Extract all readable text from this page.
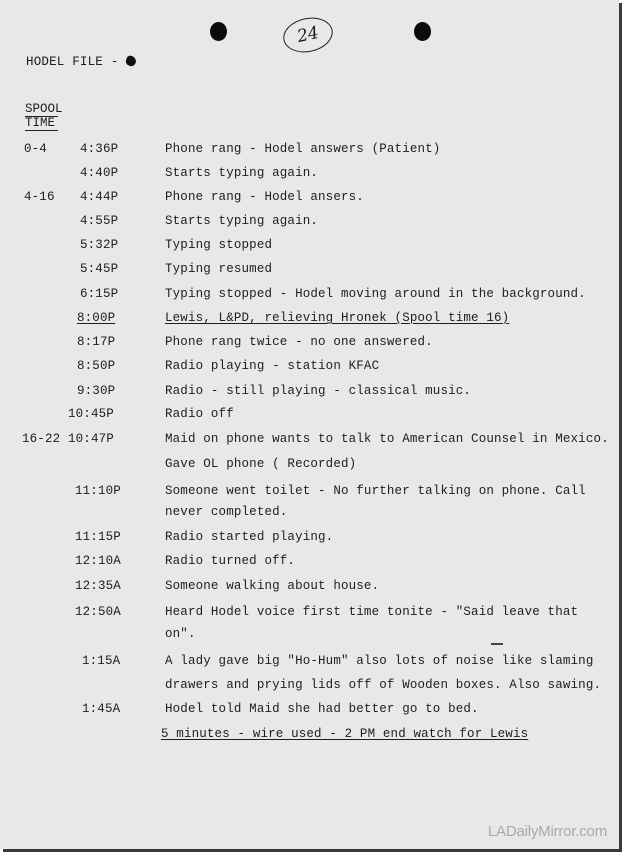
24
HODEL FILE -
SPOOL
TIME
0-4	4:36P	Phone rang - Hodel answers (Patient)
4:40P	Starts typing again.
4-16 4:44P	Phone rang - Hodel ansers.
4:55P	Starts typing again.
5:32P	Typing stopped
5:45P	Typing resumed
6:15P	Typing stopped - Hodel moving around in the background.
8:00P	Lewis, L&PD, relieving Hronek (Spool time 16)
8:17P	Phone rang twice - no one answered.
8:50P	Radio playing - station KFAC
9:30P	Radio - still playing - classical music.
10:45P	Radio off
16-22 10:47P	Maid on phone wants to talk to American Counsel in Mexico.
Gave OL phone ( Recorded)
11:10P	Someone went toilet - No further talking on phone. Call
never completed.
11:15P	Radio started playing.
12:10A	Radio turned off.
12:35A	Someone walking about house.
12:50A	Heard Hodel voice first time tonite - "Said leave that
on".
1:15A	A lady gave big "Ho-Hum" also lots of noise like slaming
drawers and prying lids off of Wooden boxes. Also sawing.
1:45A	Hodel told Maid she had better go to bed.
5 minutes - wire used - 2 PM end watch for Lewis
LADailyMirror.com
